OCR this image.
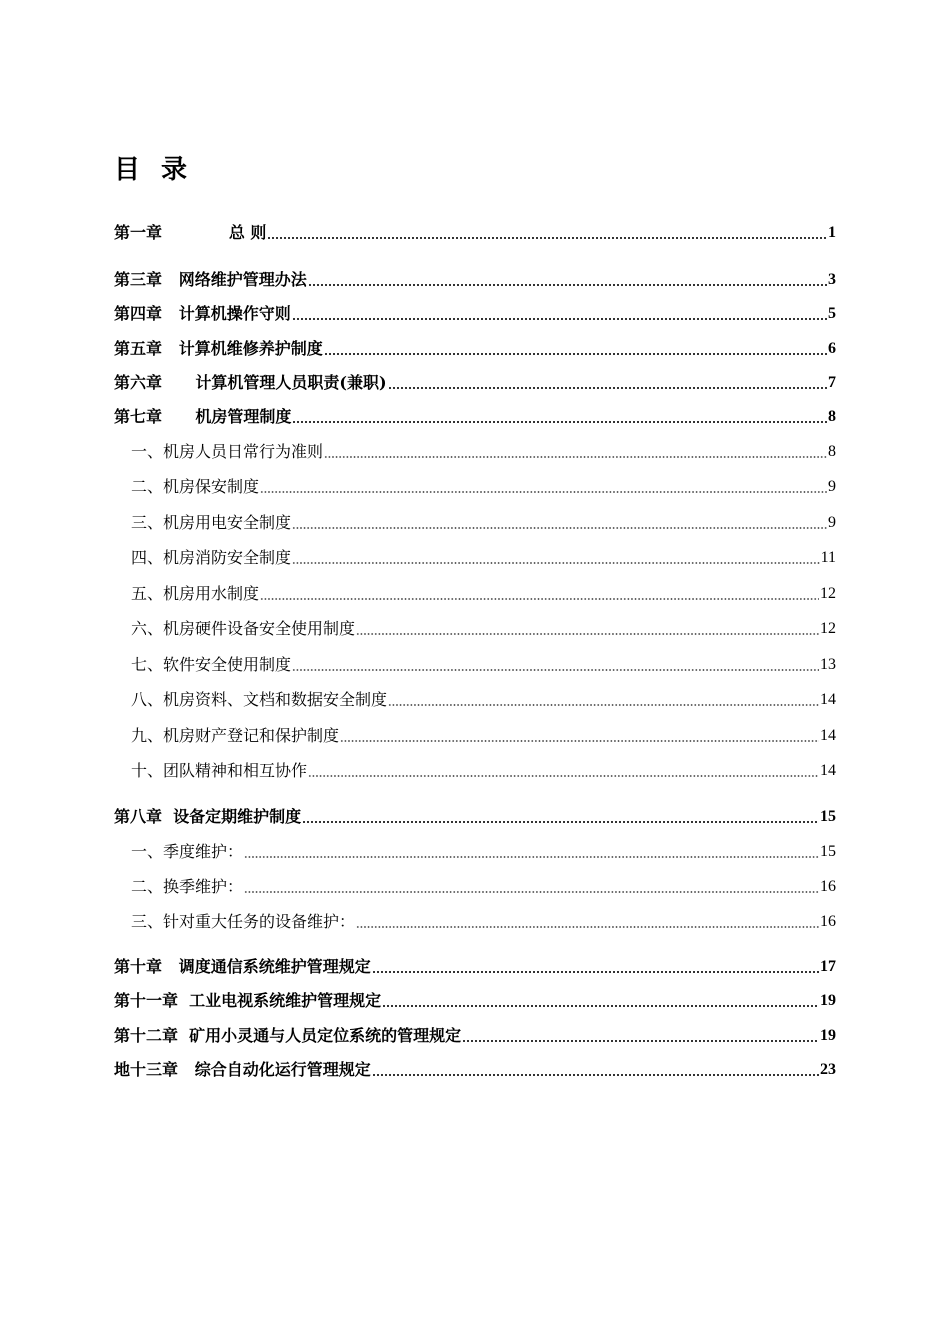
目 录
第一章            总 则	1
第三章   网络维护管理办法	3
第四章   计算机操作守则	5
第五章   计算机维修养护制度	6
第六章      计算机管理人员职责(兼职)	7
第七章      机房管理制度	8
一、机房人员日常行为准则	8
二、机房保安制度	9
三、机房用电安全制度	9
四、机房消防安全制度	11
五、机房用水制度	12
六、机房硬件设备安全使用制度	12
七、软件安全使用制度	13
八、机房资料、文档和数据安全制度	14
九、机房财产登记和保护制度	14
十、团队精神和相互协作	14
第八章  设备定期维护制度	15
一、季度维护：	15
二、换季维护：	16
三、针对重大任务的设备维护：	16
第十章   调度通信系统维护管理规定	17
第十一章  工业电视系统维护管理规定	19
第十二章  矿用小灵通与人员定位系统的管理规定	19
地十三章   综合自动化运行管理规定	23
